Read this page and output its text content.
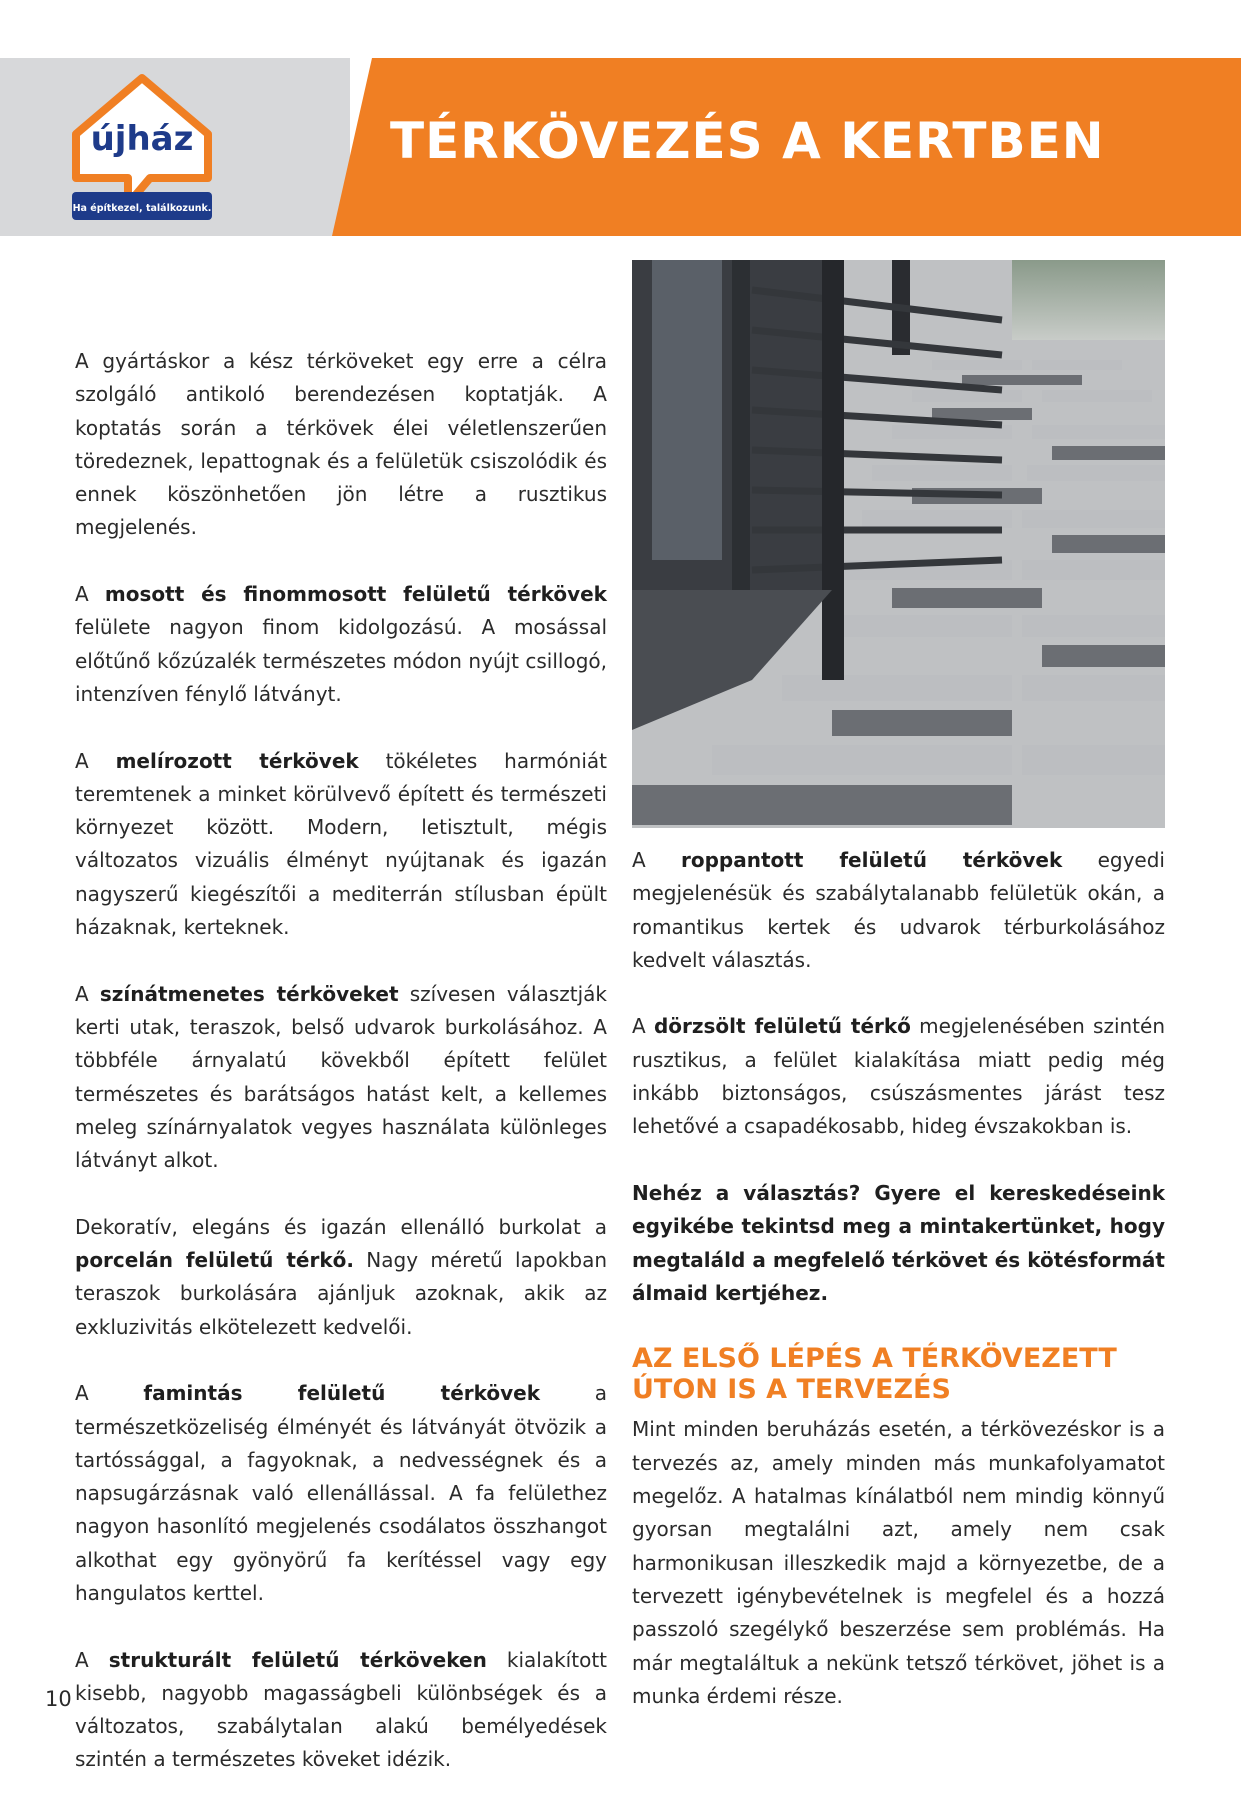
újház
Ha építkezel, találkozunk.
TÉRKÖVEZÉS A KERTBEN

A gyártáskor a kész térköveket egy erre a célra szolgáló antikoló berendezésen koptatják. A koptatás során a térkövek élei véletlenszerűen töredeznek, lepattognak és a felületük csiszolódik és ennek köszönhetően jön létre a rusztikus megjelenés.

A mosott és finommosott felületű térkövek felülete nagyon finom kidolgozású. A mosással előtűnő kőzúzalék természetes módon nyújt csillogó, intenzíven fénylő látványt.

A melírozott térkövek tökéletes harmóniát teremtenek a minket körülvevő épített és természeti környezet között. Modern, letisztult, mégis változatos vizuális élményt nyújtanak és igazán nagyszerű kiegészítői a mediterrán stílusban épült házaknak, kerteknek.

A színátmenetes térköveket szívesen választják kerti utak, teraszok, belső udvarok burkolásához. A többféle árnyalatú kövekből épített felület természetes és barátságos hatást kelt, a kellemes meleg színárnyalatok vegyes használata különleges látványt alkot.

Dekoratív, elegáns és igazán ellenálló burkolat a porcelán felületű térkő. Nagy méretű lapokban teraszok burkolására ajánljuk azoknak, akik az exkluzivitás elkötelezett kedvelői.

A famintás felületű térkövek a természetközeliség élményét és látványát ötvözik a tartóssággal, a fagyoknak, a nedvességnek és a napsugárzásnak való ellenállással. A fa felülethez nagyon hasonlító megjelenés csodálatos összhangot alkothat egy gyönyörű fa kerítéssel vagy egy hangulatos kerttel.

A strukturált felületű térköveken kialakított kisebb, nagyobb magasságbeli különbségek és a változatos, szabálytalan alakú bemélyedések szintén a természetes köveket idézik.

A roppantott felületű térkövek egyedi megjelenésük és szabálytalanabb felületük okán, a romantikus kertek és udvarok térburkolásához kedvelt választás.

A dörzsölt felületű térkő megjelenésében szintén rusztikus, a felület kialakítása miatt pedig még inkább biztonságos, csúszásmentes járást tesz lehetővé a csapadékosabb, hideg évszakokban is.

Nehéz a választás? Gyere el kereskedéseink egyikébe tekintsd meg a mintakertünket, hogy megtaláld a megfelelő térkövet és kötésformát álmaid kertjéhez.

AZ ELSŐ LÉPÉS A TÉRKÖVEZETT ÚTON IS A TERVEZÉS

Mint minden beruházás esetén, a térkövezéskor is a tervezés az, amely minden más munkafolyamatot megelőz. A hatalmas kínálatból nem mindig könnyű gyorsan megtalálni azt, amely nem csak harmonikusan illeszkedik majd a környezetbe, de a tervezett igénybevételnek is megfelel és a hozzá passzoló szegélykő beszerzése sem problémás. Ha már megtaláltuk a nekünk tetsző térkövet, jöhet is a munka érdemi része.

10
